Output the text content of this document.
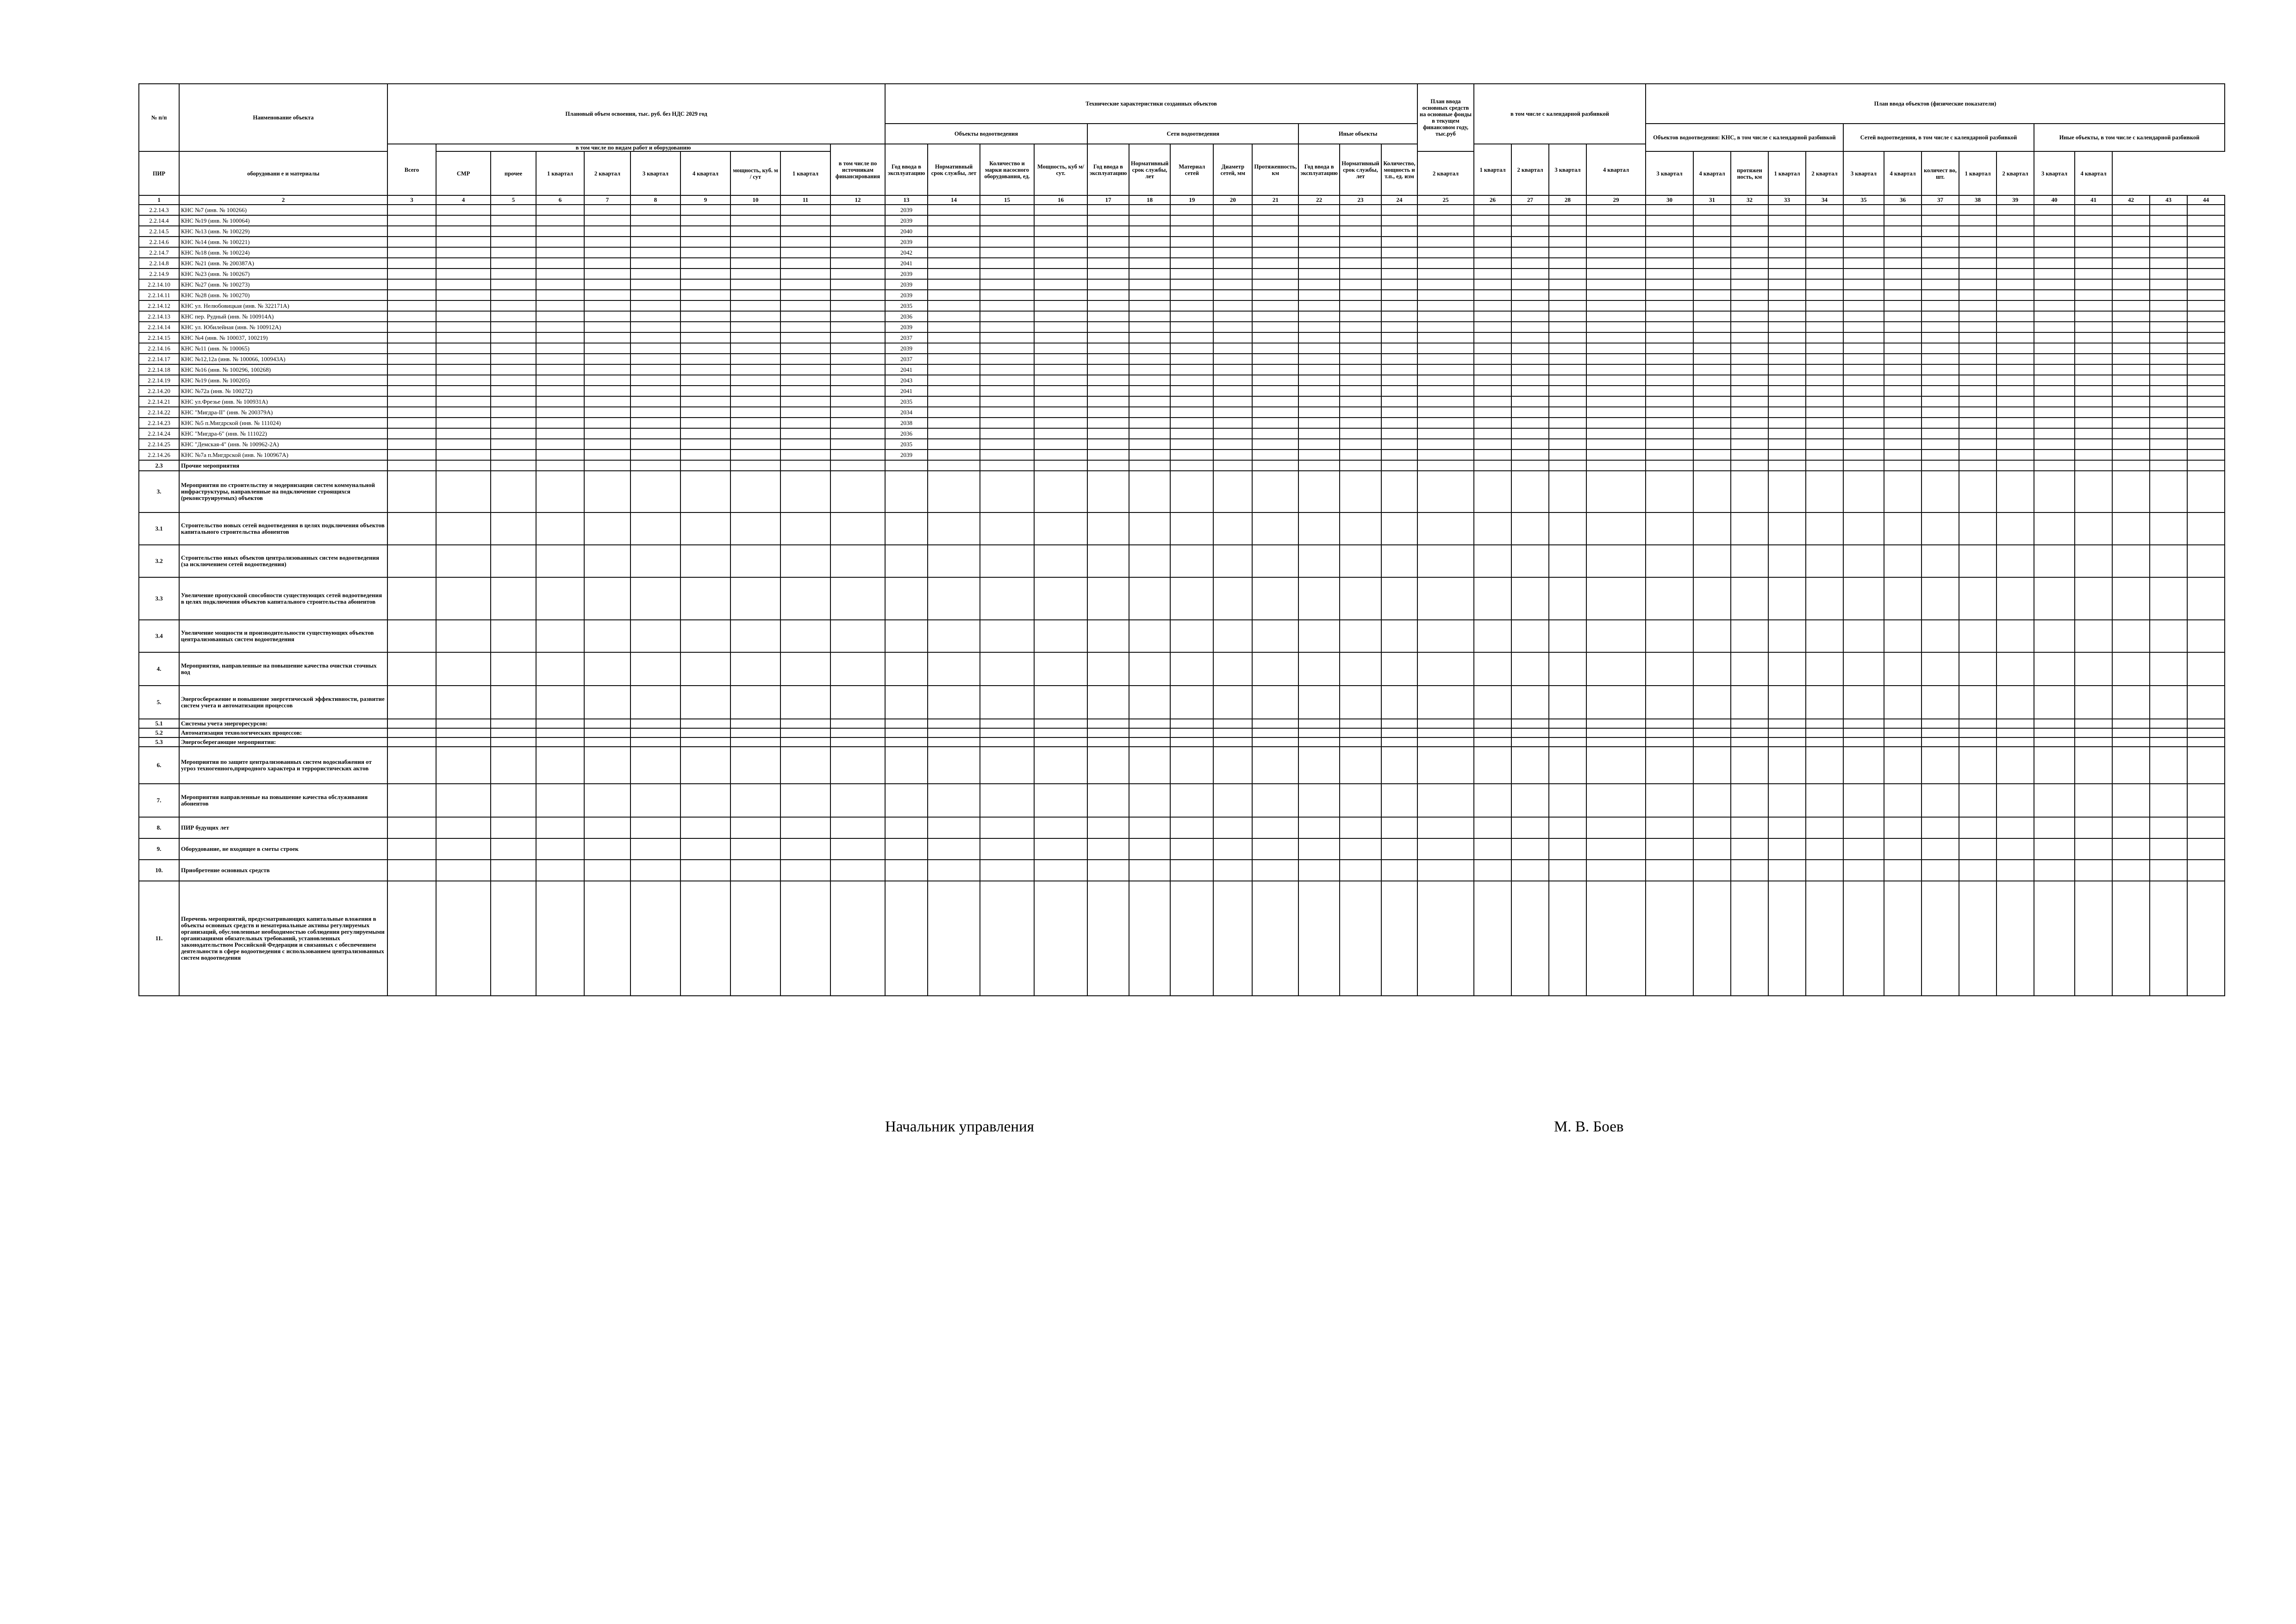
№ п/п	Наименование объекта	Плановый объем освоения, тыс. руб. без НДС 2029 год										Технические характеристики созданных объектов												План ввода основных средств на основные фонды в текущем финансовом году, тыс.руб	в том числе с календарной разбивкой				План ввода объектов (физические показатели)														
												Объекты водоотведения				Сети водоотведения					Иные объекты								Объектов водоотведения: КНС, в том числе с календарной разбивкой					Сетей водоотведения, в том числе с календарной разбивкой					Иные объекты, в том числе с календарной разбивкой				
		Всего	в том числе по видам работ и оборудованию								в том числе по источникам финансирования	Год ввода в эксплуатацию	Нормативный срок службы, лет	Количество и марки насосного оборудования, ед.	Мощность, куб м/ сут.	Год ввода в эксплуатацию	Нормативный срок службы, лет	Материал сетей	Диаметр сетей, мм	Протяженность, км	Год ввода в эксплуатацию	Нормативный срок службы, лет	Количество, мощность и т.п., ед. изм		1 квартал	2 квартал	3 квартал	4 квартал															
ПИР	оборудовани е и материалы		СМР	прочее	1 квартал	2 квартал	3 квартал	4 квартал	мощность, куб. м / сут	1 квартал														2 квартал					3 квартал	4 квартал	протяжен ность, км	1 квартал	2 квартал	3 квартал	4 квартал	количест во, шт.	1 квартал	2 квартал	3 квартал	4 квартал			
1	2	3	4	5	6	7	8	9	10	11	12	13	14	15	16	17	18	19	20	21	22	23	24	25	26	27	28	29	30	31	32	33	34	35	36	37	38	39	40	41	42	43	44
2.2.14.3	КНС №7 (инв. № 100266)											2039																															
2.2.14.4	КНС №19 (инв. № 100064)											2039																															
2.2.14.5	КНС №13 (инв. № 100229)											2040																															
2.2.14.6	КНС №14 (инв. № 100221)											2039																															
2.2.14.7	КНС №18 (инв. № 100224)											2042																															
2.2.14.8	КНС №21 (инв. № 200387А)											2041																															
2.2.14.9	КНС №23 (инв. № 100267)											2039																															
2.2.14.10	КНС №27 (инв. № 100273)											2039																															
2.2.14.11	КНС №28 (инв. № 100270)											2039																															
2.2.14.12	КНС ул. Нелюбовицкая (инв. № 322171А)											2035																															
2.2.14.13	КНС пер. Рудный (инв. № 100914А)											2036																															
2.2.14.14	КНС ул. Юбилейная (инв. № 100912А)											2039																															
2.2.14.15	КНС №4 (инв. № 100037, 100219)											2037																															
2.2.14.16	КНС №11 (инв. № 100065)											2039																															
2.2.14.17	КНС №12,12а (инв. № 100066, 100943А)											2037																															
2.2.14.18	КНС №16 (инв. № 100296, 100268)											2041																															
2.2.14.19	КНС №19 (инв. № 100205)											2043																															
2.2.14.20	КНС №72а (инв. № 100272)											2041																															
2.2.14.21	КНС ул.Фрезье (инв. № 100931А)											2035																															
2.2.14.22	КНС "Мигдра-II" (инв. № 200379А)											2034																															
2.2.14.23	КНС №5 п.Мигдрской (инв. № 111024)											2038																															
2.2.14.24	КНС "Мигдра-6" (инв. № 111022)											2036																															
2.2.14.25	КНС "Демская-4" (инв. № 100962-2А)											2035																															
2.2.14.26	КНС №7а п.Мигдрской (инв. № 100967А)											2039																															
2.3	Прочие мероприятия																																										
3.	Мероприятия по строительству и модернизации систем коммунальной инфраструктуры, направленные на подключение строящихся (реконструируемых) объектов																																										
3.1	Строительство новых сетей водоотведения в целях подключения объектов капитального строительства абонентов																																										
3.2	Строительство иных объектов централизованных систем водоотведения (за исключением сетей водоотведения)																																										
3.3	Увеличение пропускной способности существующих сетей водоотведения в целях подключения объектов капитального строительства абонентов																																										
3.4	Увеличение мощности и производительности существующих объектов централизованных систем водоотведения																																										
4.	Мероприятия, направленные на повышение качества очистки сточных вод																																										
5.	Энергосбережение и повышение энергетической эффективности, развитие систем учета и автоматизации процессов																																										
5.1	Системы учета энергоресурсов:																																										
5.2	Автоматизация технологических процессов:																																										
5.3	Энергосберегающие мероприятия:																																										
6.	Мероприятия по защите централизованных систем водоснабжения от угроз техногенного,природного характера и террористических актов																																										
7.	Мероприятия направленные на повышение качества обслуживания абонентов																																										
8.	ПИР будущих лет																																										
9.	Оборудование, не входящее в сметы строек																																										
10.	Приобретение основных средств																																										
11.	Перечень мероприятий, предусматривающих капитальные вложения в объекты основных средств и нематериальные активы регулируемых организаций, обусловленные необходимостью соблюдения регулируемыми организациями обязательных требований, установленных законодательством Российской Федерации и связанных с обеспечением деятельности в сфере водоотведения с использованием централизованных систем водоотведения																																										
Начальник управления	М. В. Боев
